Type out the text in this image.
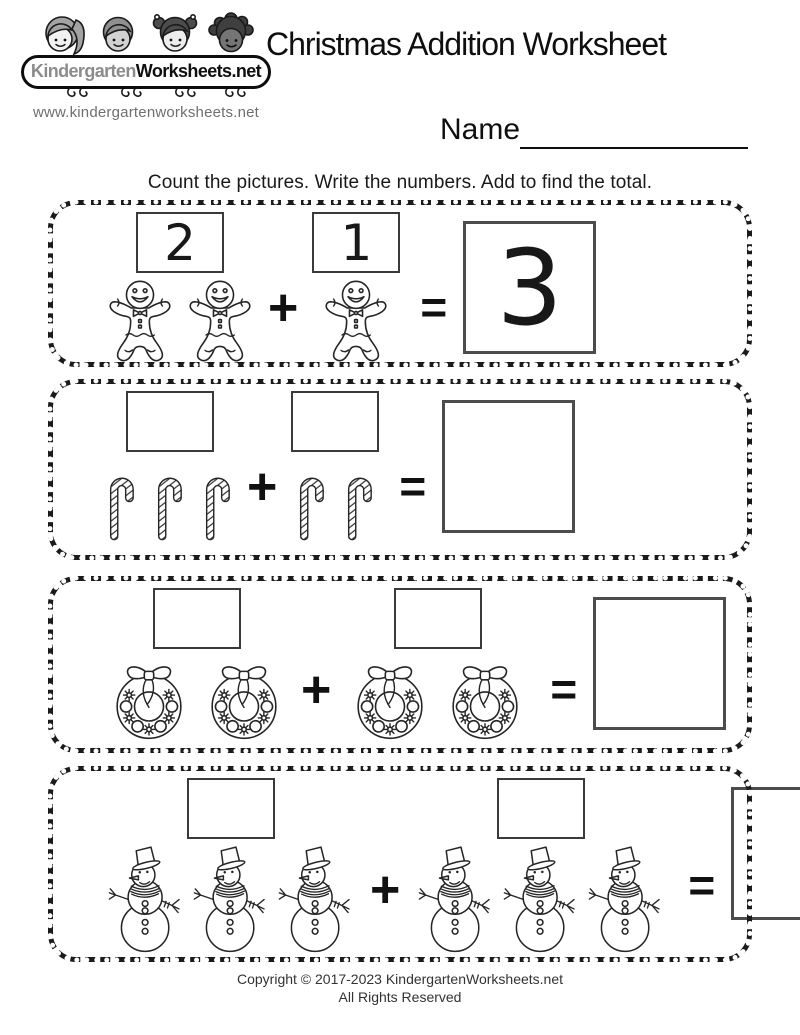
KindergartenWorksheets.net
www.kindergartenworksheets.net
Christmas Addition Worksheet
Name

Count the pictures. Write the numbers. Add to find the total.

2
+
1
= 3
+	=
+	=
+	=
Copyright © 2017-2023 KindergartenWorksheets.net
All Rights Reserved
